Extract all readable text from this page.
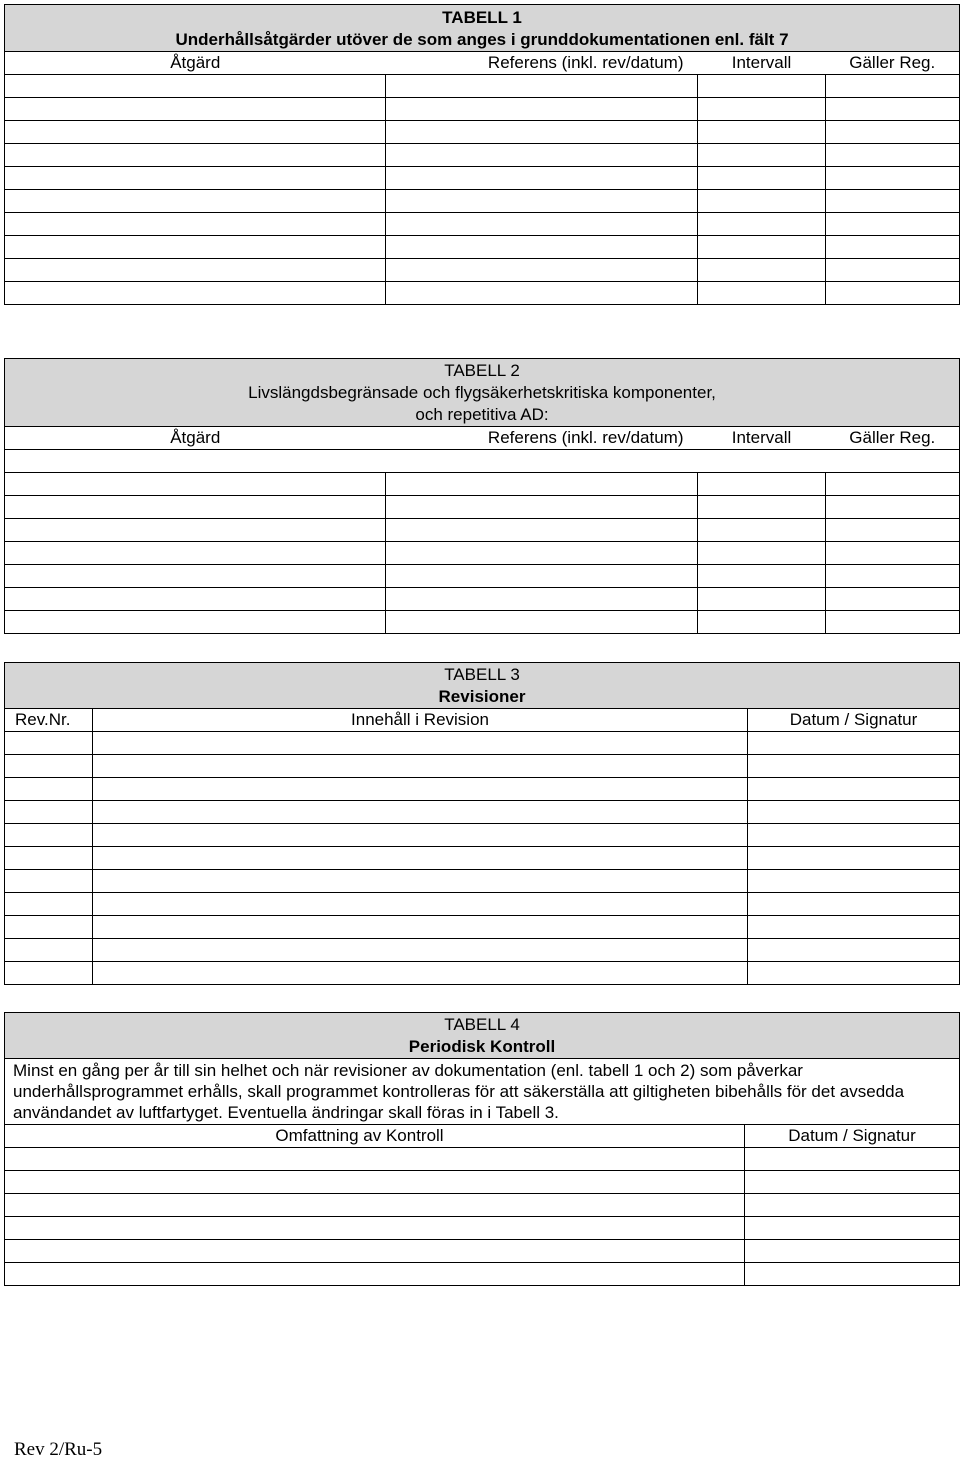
TABELL 1
Underhållsåtgärder utöver de som anges i grunddokumentationen enl. fält 7			

Åtgärd	Referens (inkl. rev/datum)	Intervall	Gäller Reg.

TABELL 2
Livslängdsbegränsade och flygsäkerhetskritiska komponenter,
och repetitiva AD:			

Åtgärd	Referens (inkl. rev/datum)	Intervall	Gäller Reg.

TABELL 3
Revisioner		

Rev.Nr.	Innehåll i Revision	Datum / Signatur

TABELL 4
Periodisk Kontroll	

Minst en gång per år till sin helhet och när revisioner av dokumentation (enl. tabell 1 och 2) som påverkar underhållsprogrammet erhålls, skall programmet kontrolleras för att säkerställa att giltigheten bibehålls för det avsedda användandet av luftfartyget. Eventuella ändringar skall föras in i Tabell 3.	
Omfattning av Kontroll	Datum / Signatur

Rev 2/Ru-5
